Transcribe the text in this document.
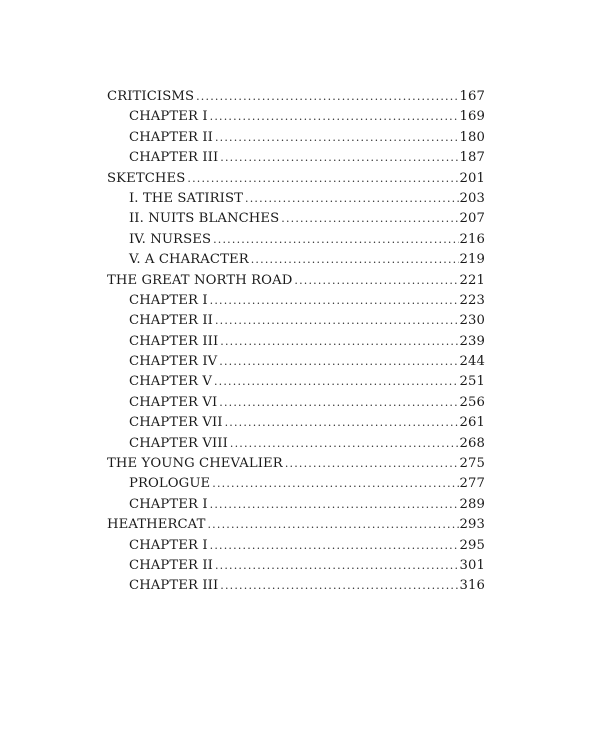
CRITICISMS .....	167
CHAPTER I .....	169
CHAPTER II .....	180
CHAPTER III .....	187
SKETCHES .....	201
I. THE SATIRIST .....	203
II. NUITS BLANCHES .....	207
IV. NURSES .....	216
V. A CHARACTER .....	219
THE GREAT NORTH ROAD .....	221
CHAPTER I .....	223
CHAPTER II .....	230
CHAPTER III .....	239
CHAPTER IV .....	244
CHAPTER V .....	251
CHAPTER VI .....	256
CHAPTER VII .....	261
CHAPTER VIII .....	268
THE YOUNG CHEVALIER .....	275
PROLOGUE .....	277
CHAPTER I .....	289
HEATHERCAT .....	293
CHAPTER I .....	295
CHAPTER II .....	301
CHAPTER III .....	316
